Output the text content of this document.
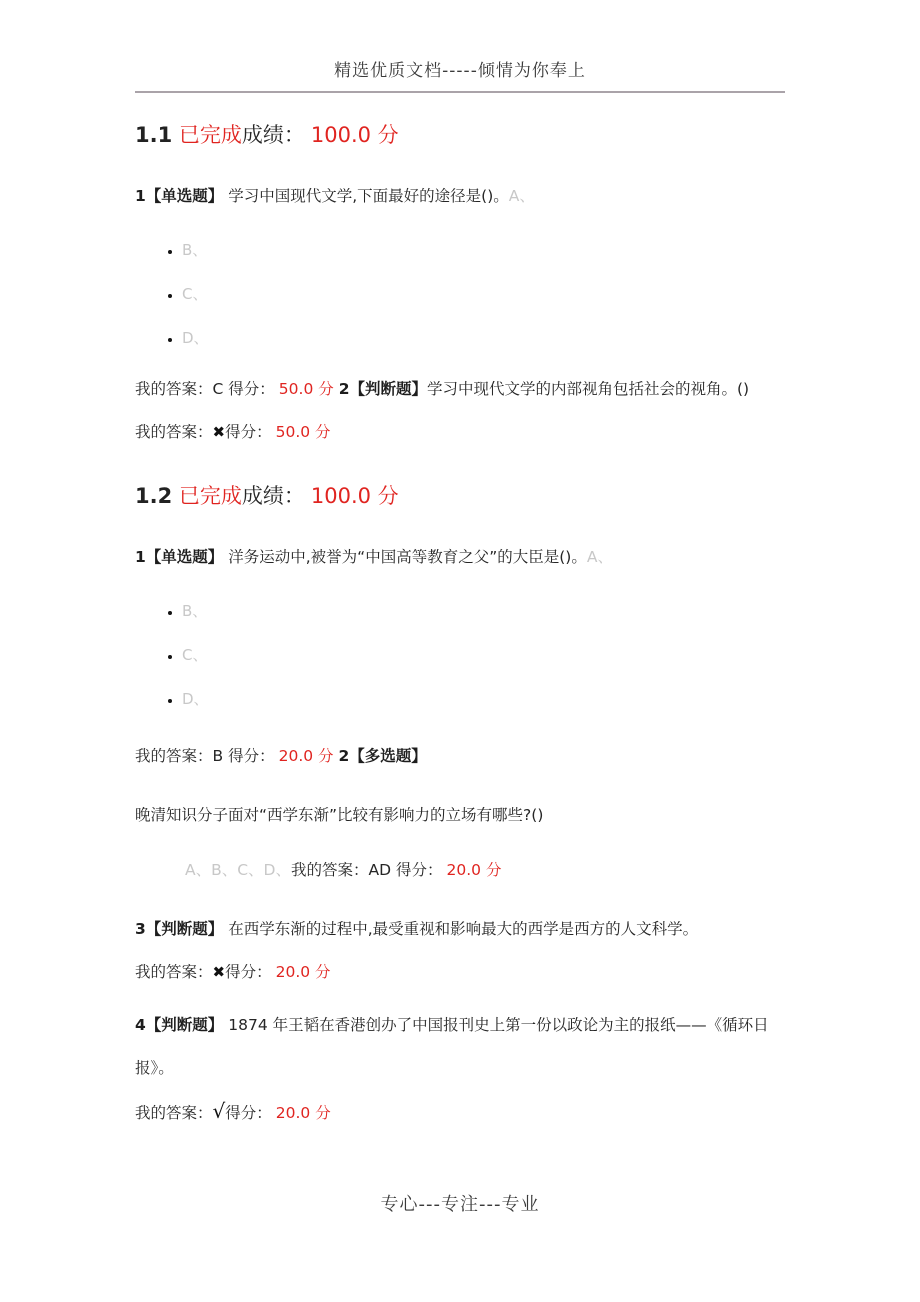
精选优质文档-----倾情为你奉上
1.1 已完成成绩： 100.0 分

1【单选题】 学习中国现代文学,下面最好的途径是()。A、

• B、
• C、
• D、

我的答案：C 得分： 50.0 分 2【判断题】学习中现代文学的内部视角包括社会的视角。()

我的答案：✖得分： 50.0 分

1.2 已完成成绩： 100.0 分

1【单选题】 洋务运动中,被誉为“中国高等教育之父”的大臣是()。A、

• B、
• C、
• D、

我的答案：B 得分： 20.0 分 2【多选题】

晚清知识分子面对“西学东渐”比较有影响力的立场有哪些?()

A、B、C、D、我的答案：AD 得分： 20.0 分

3【判断题】 在西学东渐的过程中,最受重视和影响最大的西学是西方的人文科学。

我的答案：✖得分： 20.0 分

4【判断题】 1874 年王韬在香港创办了中国报刊史上第一份以政论为主的报纸——《循环日报》。

我的答案：√得分： 20.0 分

专心---专注---专业
